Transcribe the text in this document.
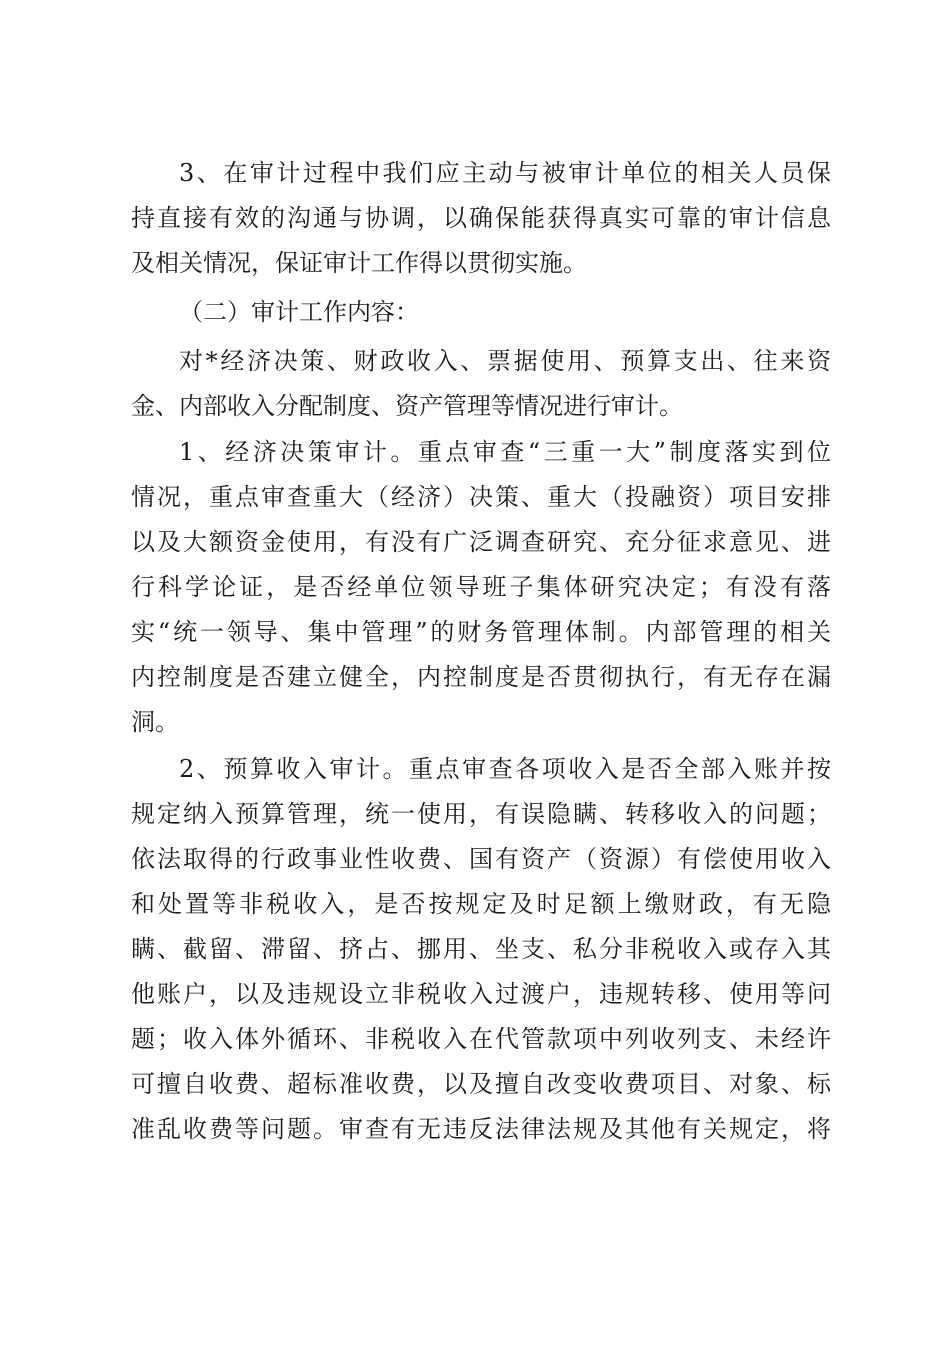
3、在审计过程中我们应主动与被审计单位的相关人员保
持直接有效的沟通与协调，以确保能获得真实可靠的审计信息
及相关情况，保证审计工作得以贯彻实施。
（二）审计工作内容：
对*经济决策、财政收入、票据使用、预算支出、往来资
金、内部收入分配制度、资产管理等情况进行审计。
1、经济决策审计。重点审查“三重一大”制度落实到位
情况，重点审查重大（经济）决策、重大（投融资）项目安排
以及大额资金使用，有没有广泛调查研究、充分征求意见、进
行科学论证，是否经单位领导班子集体研究决定；有没有落
实“统一领导、集中管理”的财务管理体制。内部管理的相关
内控制度是否建立健全，内控制度是否贯彻执行，有无存在漏
洞。
2、预算收入审计。重点审查各项收入是否全部入账并按
规定纳入预算管理，统一使用，有误隐瞒、转移收入的问题；
依法取得的行政事业性收费、国有资产（资源）有偿使用收入
和处置等非税收入，是否按规定及时足额上缴财政，有无隐
瞒、截留、滞留、挤占、挪用、坐支、私分非税收入或存入其
他账户，以及违规设立非税收入过渡户，违规转移、使用等问
题；收入体外循环、非税收入在代管款项中列收列支、未经许
可擅自收费、超标准收费，以及擅自改变收费项目、对象、标
准乱收费等问题。审查有无违反法律法规及其他有关规定，将
